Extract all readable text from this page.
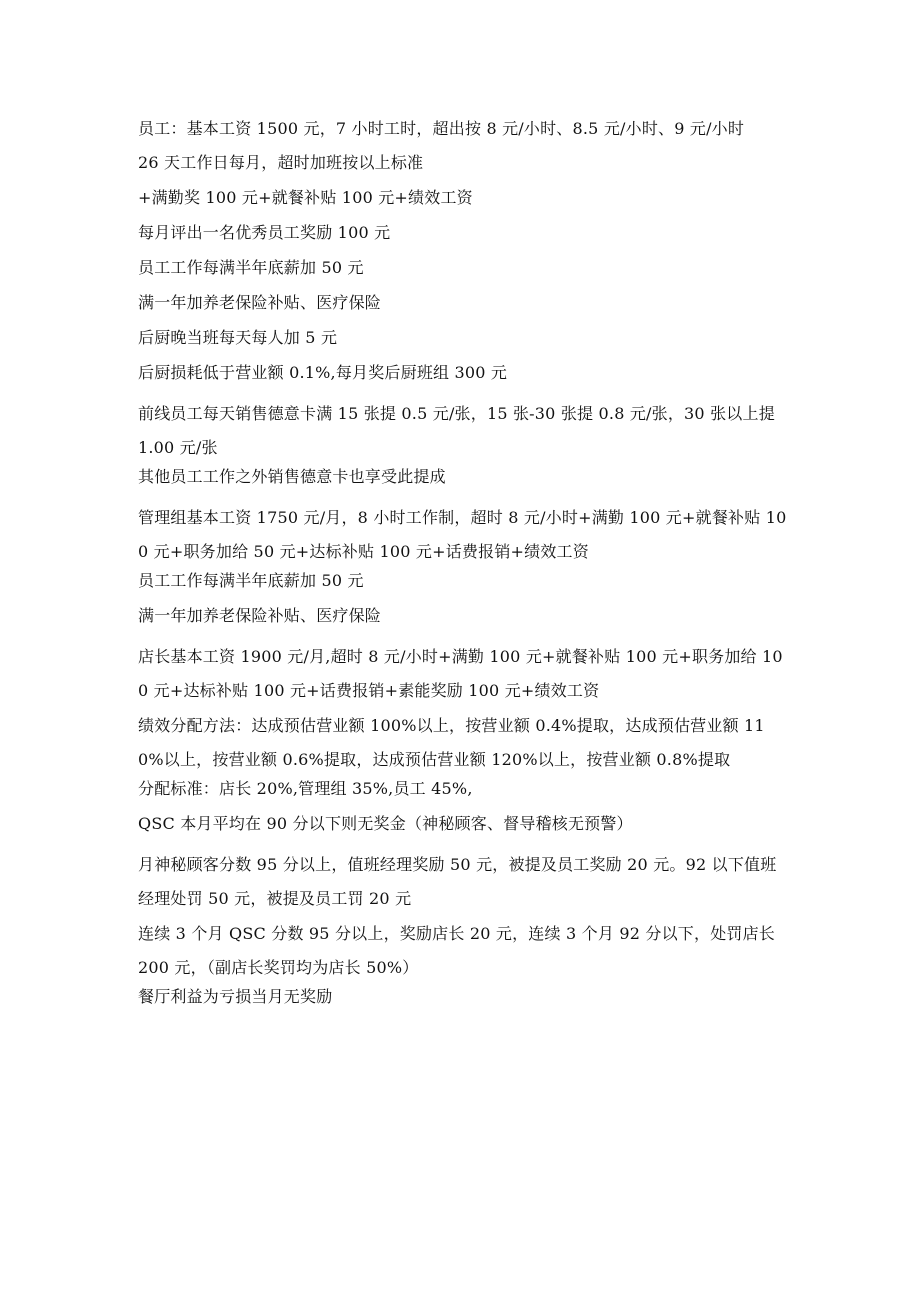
员工：基本工资 1500 元，7 小时工时，超出按 8 元/小时、8.5 元/小时、9 元/小时

26 天工作日每月，超时加班按以上标准

+满勤奖 100 元+就餐补贴 100 元+绩效工资

每月评出一名优秀员工奖励 100 元

员工工作每满半年底薪加 50 元

满一年加养老保险补贴、医疗保险

后厨晚当班每天每人加 5 元

后厨损耗低于营业额 0.1%,每月奖后厨班组 300 元

前线员工每天销售德意卡满 15 张提 0.5 元/张，15 张-30 张提 0.8 元/张，30 张以上提 1.00 元/张

其他员工工作之外销售德意卡也享受此提成

管理组基本工资 1750 元/月，8 小时工作制，超时 8 元/小时+满勤 100 元+就餐补贴 100 元+职务加给 50 元+达标补贴 100 元+话费报销+绩效工资

员工工作每满半年底薪加 50 元

满一年加养老保险补贴、医疗保险

店长基本工资 1900 元/月,超时 8 元/小时+满勤 100 元+就餐补贴 100 元+职务加给 100 元+达标补贴 100 元+话费报销+素能奖励 100 元+绩效工资

绩效分配方法：达成预估营业额 100%以上，按营业额 0.4%提取，达成预估营业额 110%以上，按营业额 0.6%提取，达成预估营业额 120%以上，按营业额 0.8%提取

分配标准：店长 20%,管理组 35%,员工 45%,

QSC 本月平均在 90 分以下则无奖金（神秘顾客、督导稽核无预警）

月神秘顾客分数 95 分以上，值班经理奖励 50 元，被提及员工奖励 20 元。92 以下值班经理处罚 50 元，被提及员工罚 20 元

连续 3 个月 QSC 分数 95 分以上，奖励店长 20 元，连续 3 个月 92 分以下，处罚店长 200 元，（副店长奖罚均为店长 50%）

餐厅利益为亏损当月无奖励
